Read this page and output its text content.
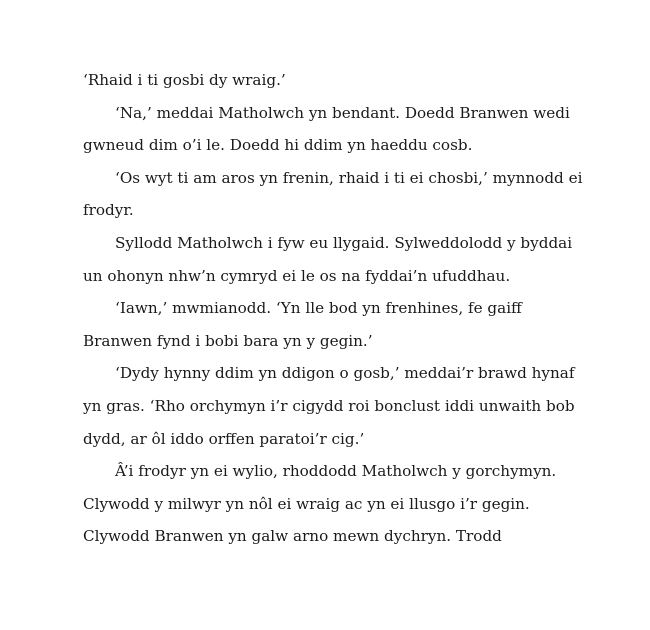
‘Rhaid i ti gosbi dy wraig.’

‘Na,’ meddai Matholwch yn bendant. Doedd Branwen wedi
gwneud dim o’i le. Doedd hi ddim yn haeddu cosb.

‘Os wyt ti am aros yn frenin, rhaid i ti ei chosbi,’ mynnodd ei
frodyr.

Syllodd Matholwch i fyw eu llygaid. Sylweddolodd y byddai
un ohonyn nhw’n cymryd ei le os na fyddai’n ufuddhau.

‘Iawn,’ mwmianodd. ‘Yn lle bod yn frenhines, fe gaiff
Branwen fynd i bobi bara yn y gegin.’

‘Dydy hynny ddim yn ddigon o gosb,’ meddai’r brawd hynaf
yn gras. ‘Rho orchymyn i’r cigydd roi bonclust iddi unwaith bob
dydd, ar ôl iddo orffen paratoi’r cig.’

Â’i frodyr yn ei wylio, rhoddodd Matholwch y gorchymyn.
Clywodd y milwyr yn nôl ei wraig ac yn ei llusgo i’r gegin.
Clywodd Branwen yn galw arno mewn dychryn. Trodd
